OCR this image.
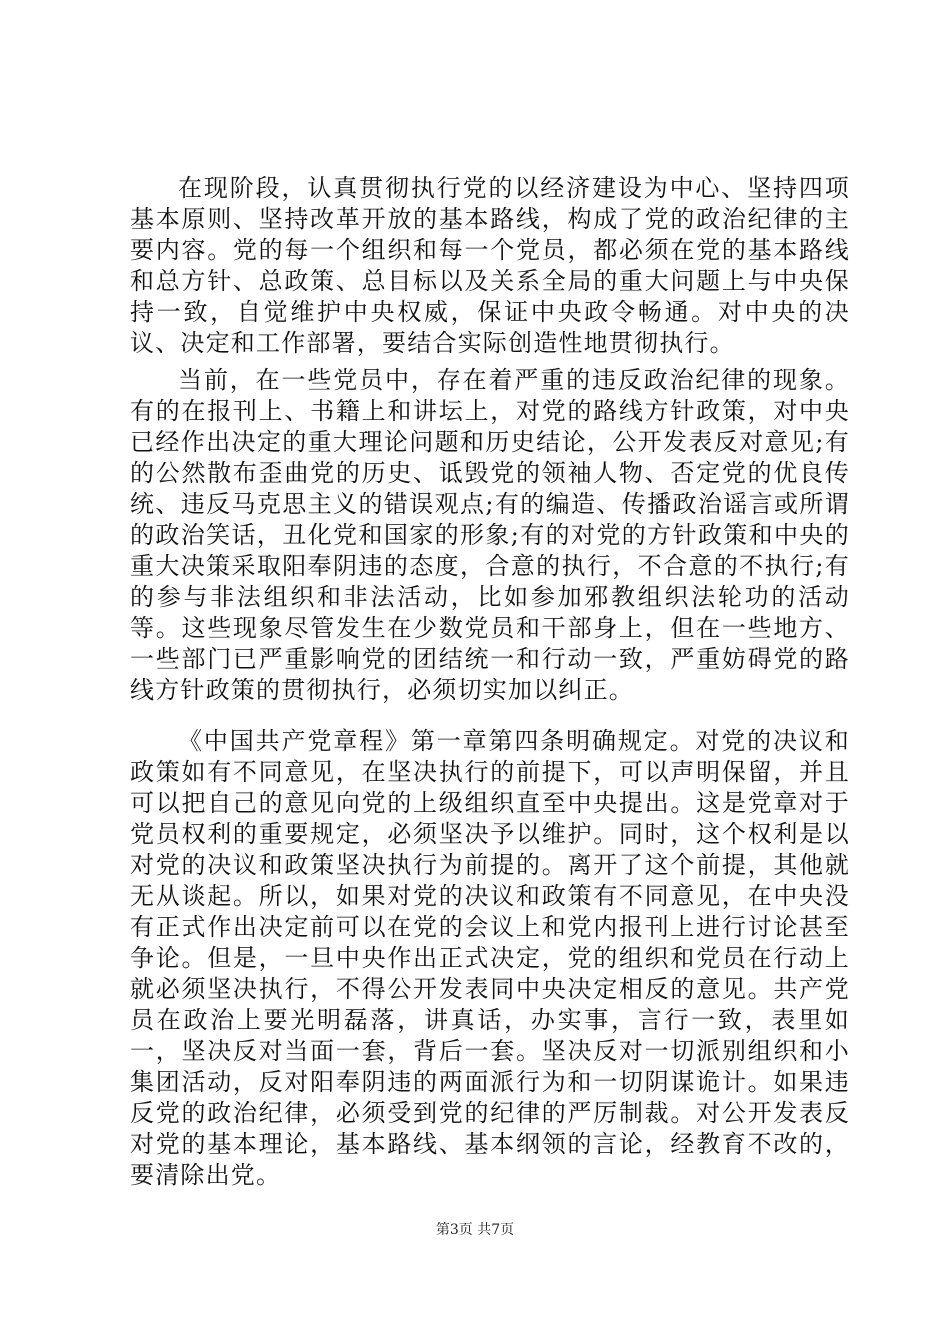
在现阶段，认真贯彻执行党的以经济建设为中心、坚持四项基本原则、坚持改革开放的基本路线，构成了党的政治纪律的主要内容。党的每一个组织和每一个党员，都必须在党的基本路线和总方针、总政策、总目标以及关系全局的重大问题上与中央保持一致，自觉维护中央权威，保证中央政令畅通。对中央的决议、决定和工作部署，要结合实际创造性地贯彻执行。

当前，在一些党员中，存在着严重的违反政治纪律的现象。有的在报刊上、书籍上和讲坛上，对党的路线方针政策，对中央已经作出决定的重大理论问题和历史结论，公开发表反对意见;有的公然散布歪曲党的历史、诋毁党的领袖人物、否定党的优良传统、违反马克思主义的错误观点;有的编造、传播政治谣言或所谓的政治笑话，丑化党和国家的形象;有的对党的方针政策和中央的重大决策采取阳奉阴违的态度，合意的执行，不合意的不执行;有的参与非法组织和非法活动，比如参加邪教组织法轮功的活动等。这些现象尽管发生在少数党员和干部身上，但在一些地方、一些部门已严重影响党的团结统一和行动一致，严重妨碍党的路线方针政策的贯彻执行，必须切实加以纠正。

《中国共产党章程》第一章第四条明确规定。对党的决议和政策如有不同意见，在坚决执行的前提下，可以声明保留，并且可以把自己的意见向党的上级组织直至中央提出。这是党章对于党员权利的重要规定，必须坚决予以维护。同时，这个权利是以对党的决议和政策坚决执行为前提的。离开了这个前提，其他就无从谈起。所以，如果对党的决议和政策有不同意见，在中央没有正式作出决定前可以在党的会议上和党内报刊上进行讨论甚至争论。但是，一旦中央作出正式决定，党的组织和党员在行动上就必须坚决执行，不得公开发表同中央决定相反的意见。共产党员在政治上要光明磊落，讲真话，办实事，言行一致，表里如一，坚决反对当面一套，背后一套。坚决反对一切派别组织和小集团活动，反对阳奉阴违的两面派行为和一切阴谋诡计。如果违反党的政治纪律，必须受到党的纪律的严厉制裁。对公开发表反对党的基本理论，基本路线、基本纲领的言论，经教育不改的，要清除出党。

第3页 共7页
